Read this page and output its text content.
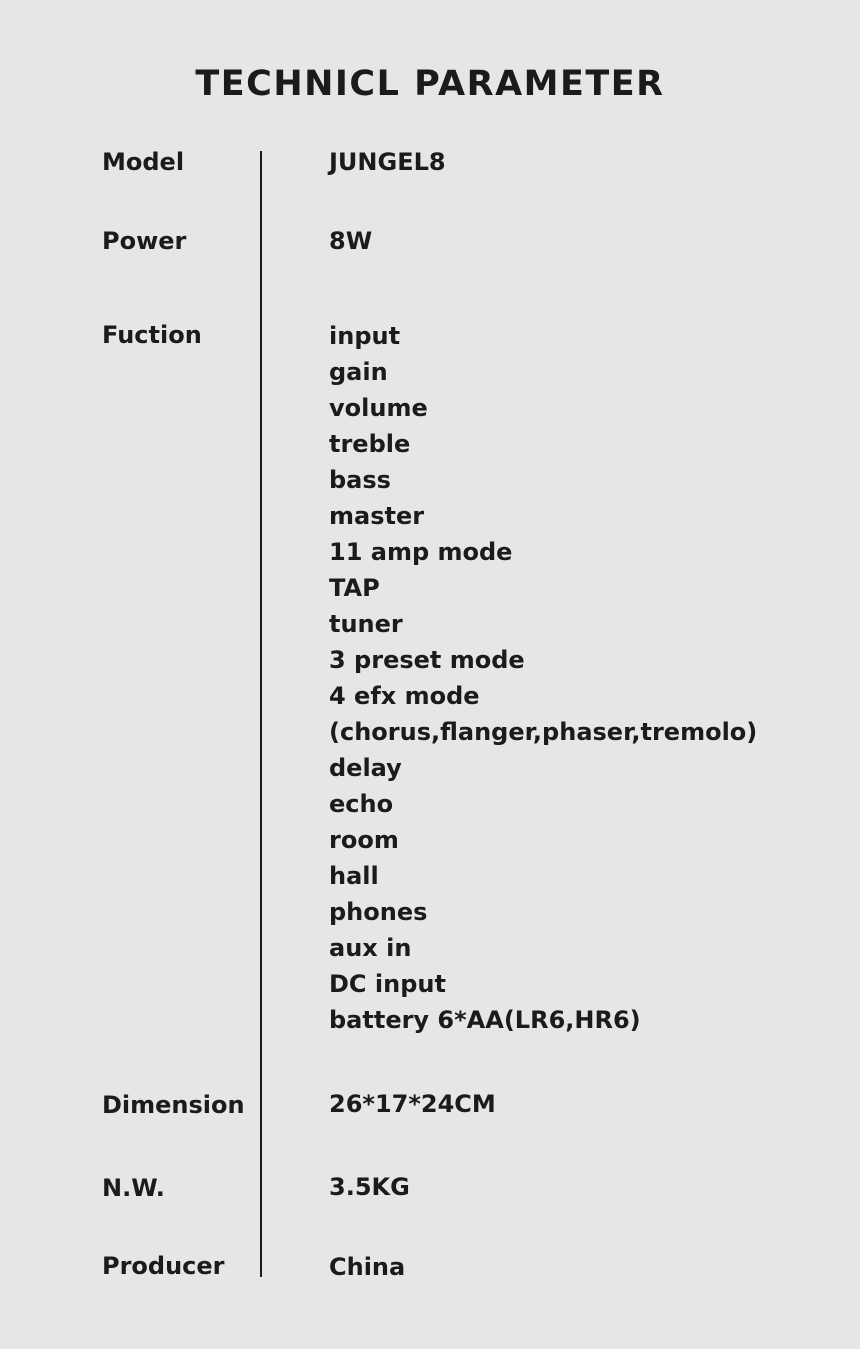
TECHNICL PARAMETER
Model	JUNGEL8
Power	8W
Fuction	input
gain
volume
treble
bass
master
11 amp mode
TAP
tuner
3 preset mode
4 efx mode
(chorus,flanger,phaser,tremolo)
delay
echo
room
hall
phones
aux in
DC input
battery 6*AA(LR6,HR6)
Dimension	26*17*24CM
N.W.	3.5KG
Producer	China
